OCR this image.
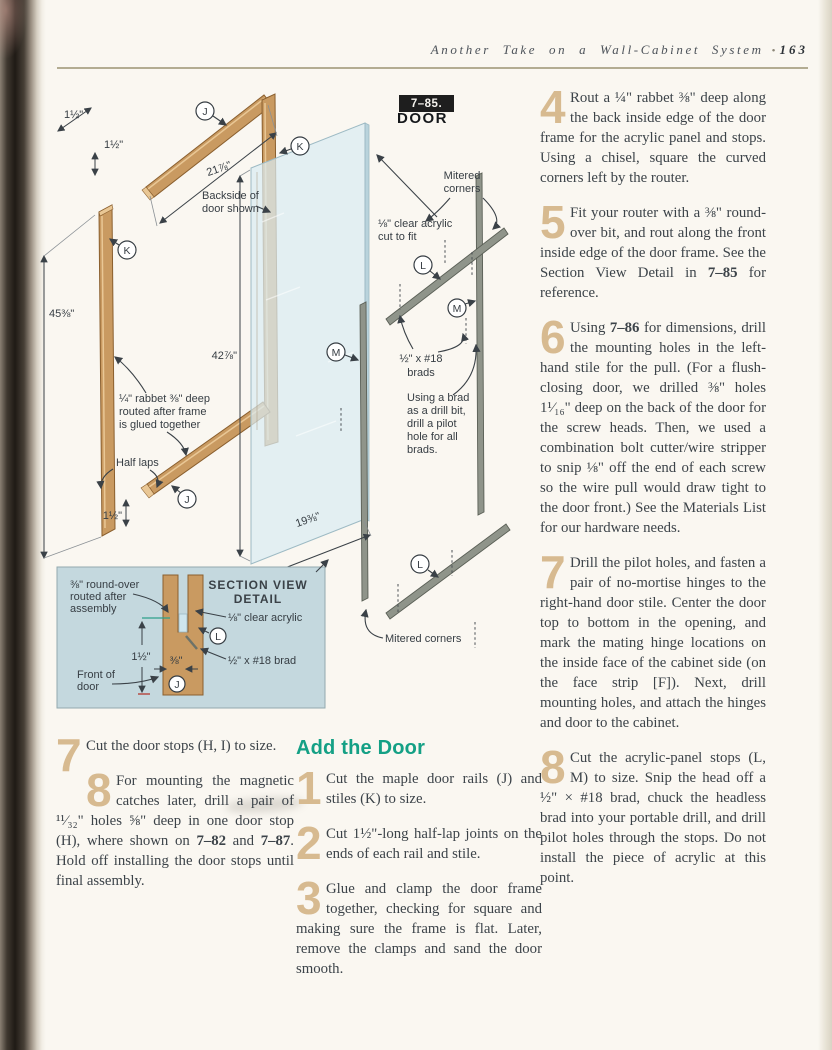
Another Take on a Wall-Cabinet System • 163
7–85.
DOOR
1½"
1½"
1½"
45⅜"
21⅞"
42⅞"
19⅜"
Backside of
door shown
¼" rabbet ⅜" deep
routed after frame
is glued together
Half laps
Mitered
corners
Mitered corners
⅛" clear acrylic
cut to fit
½" x #18
brads
Using a brad
as a drill bit,
drill a pilot
hole for all
brads.
J
K
K
M
M
L
L
J
SECTION VIEW
DETAIL
⅜" round-over
routed after
assembly
⅛" clear acrylic
½" x #18 brad
1½" ⅜"
Front of
door
L
J
7 Cut the door stops (H, I) to size.

8 For mounting the magnetic catches later, drill a pair of ¹¹⁄₃₂" holes ⅝" deep in one door stop (H), where shown on 7–82 and 7–87. Hold off installing the door stops until final assembly.

Add the Door
1 Cut the maple door rails (J) and stiles (K) to size.

2 Cut 1½"-long half-lap joints on the ends of each rail and stile.

3 Glue and clamp the door frame together, checking for square and making sure the frame is flat. Later, remove the clamps and sand the door smooth.

4 Rout a ¼" rabbet ⅜" deep along the back inside edge of the door frame for the acrylic panel and stops. Using a chisel, square the curved corners left by the router.

5 Fit your router with a ⅜" round-over bit, and rout along the front inside edge of the door frame. See the Section View Detail in 7–85 for reference.

6 Using 7–86 for dimensions, drill the mounting holes in the left-hand stile for the pull. (For a flush-closing door, we drilled ⅜" holes 1¹⁄₁₆" deep on the back of the door for the screw heads. Then, we used a combination bolt cutter/wire stripper to snip ⅛" off the end of each screw so the wire pull would draw tight to the door front.) See the Materials List for our hardware needs.

7 Drill the pilot holes, and fasten a pair of no-mortise hinges to the right-hand door stile. Center the door top to bottom in the opening, and mark the mating hinge locations on the inside face of the cabinet side (on the face strip [F]). Next, drill mounting holes, and attach the hinges and door to the cabinet.

8 Cut the acrylic-panel stops (L, M) to size. Snip the head off a ½" × #18 brad, chuck the headless brad into your portable drill, and drill pilot holes through the stops. Do not install the piece of acrylic at this point.
